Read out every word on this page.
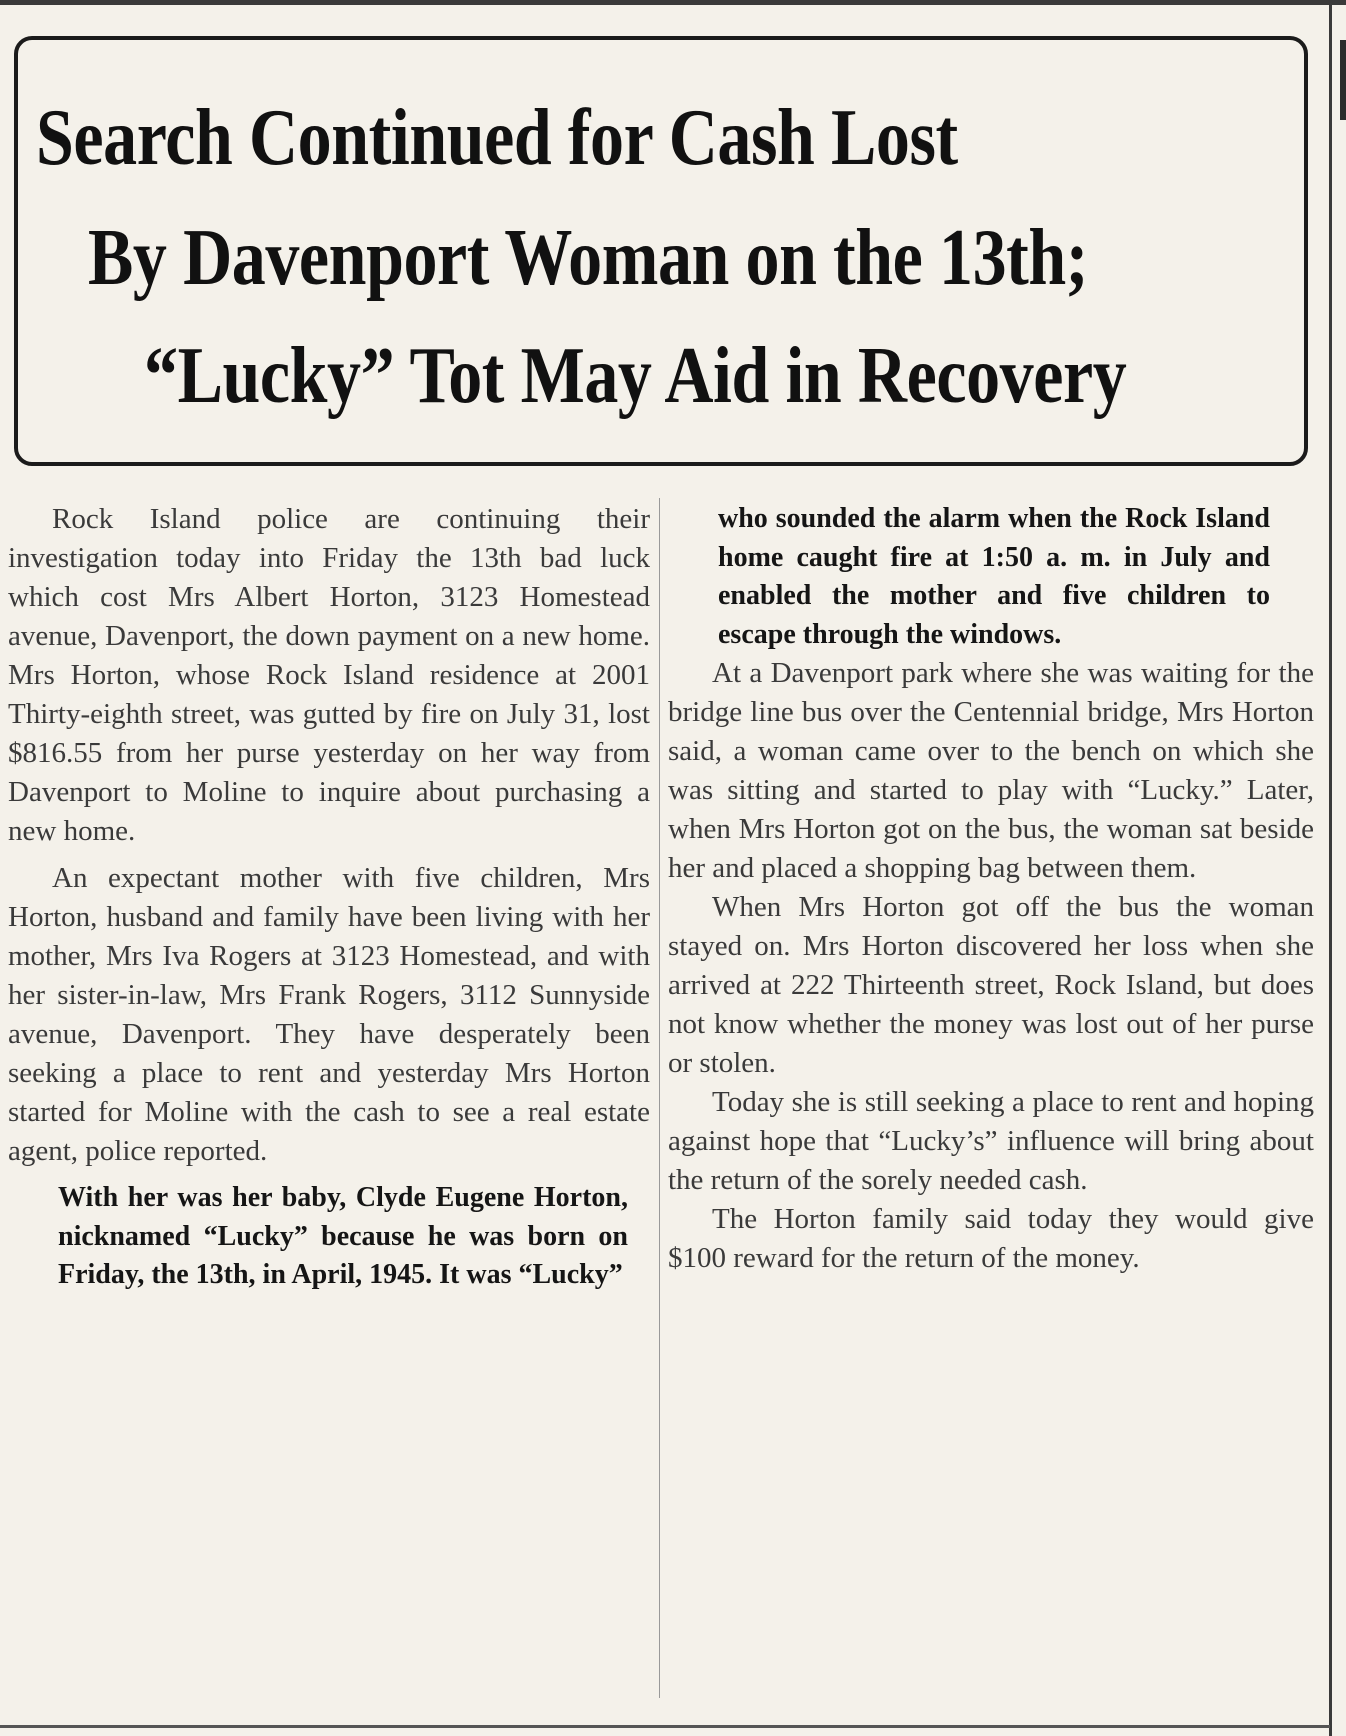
Search Continued for Cash Lost
By Davenport Woman on the 13th;
“Lucky” Tot May Aid in Recovery

Rock Island police are continuing their investigation today into Friday the 13th bad luck which cost Mrs Albert Horton, 3123 Homestead avenue, Davenport, the down payment on a new home. Mrs Horton, whose Rock Island residence at 2001 Thirty-eighth street, was gutted by fire on July 31, lost $816.55 from her purse yesterday on her way from Davenport to Moline to inquire about purchasing a new home.

An expectant mother with five children, Mrs Horton, husband and family have been living with her mother, Mrs Iva Rogers at 3123 Homestead, and with her sister-in-law, Mrs Frank Rogers, 3112 Sunnyside avenue, Davenport. They have desperately been seeking a place to rent and yesterday Mrs Horton started for Moline with the cash to see a real estate agent, police reported.

With her was her baby, Clyde Eugene Horton, nicknamed “Lucky” because he was born on Friday, the 13th, in April, 1945. It was “Lucky”

who sounded the alarm when the Rock Island home caught fire at 1:50 a. m. in July and enabled the mother and five children to escape through the windows.

At a Davenport park where she was waiting for the bridge line bus over the Centennial bridge, Mrs Horton said, a woman came over to the bench on which she was sitting and started to play with “Lucky.” Later, when Mrs Horton got on the bus, the woman sat beside her and placed a shopping bag between them.

When Mrs Horton got off the bus the woman stayed on. Mrs Horton discovered her loss when she arrived at 222 Thirteenth street, Rock Island, but does not know whether the money was lost out of her purse or stolen.

Today she is still seeking a place to rent and hoping against hope that “Lucky’s” influence will bring about the return of the sorely needed cash.

The Horton family said today they would give $100 reward for the return of the money.
